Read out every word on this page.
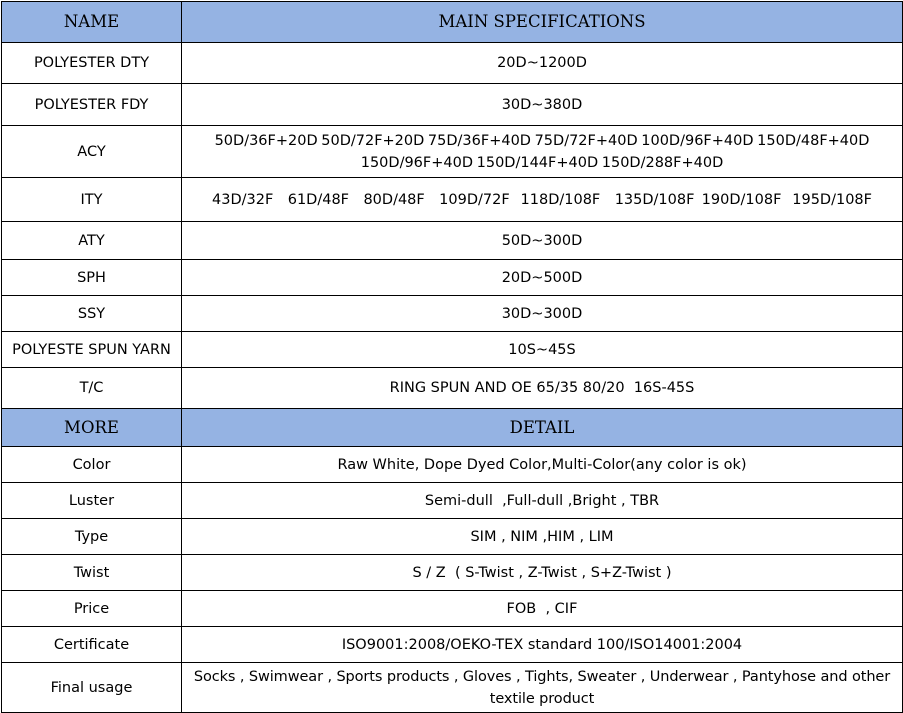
NAME	MAIN SPECIFICATIONS
POLYESTER DTY	20D~1200D
POLYESTER FDY	30D~380D
ACY	50D/36F+20D 50D/72F+20D 75D/36F+40D 75D/72F+40D 100D/96F+40D 150D/48F+40D
150D/96F+40D 150D/144F+40D 150D/288F+40D
ITY	43D/32F    61D/48F    80D/48F    109D/72F   118D/108F    135D/108F  190D/108F   195D/108F
ATY	50D~300D
SPH	20D~500D
SSY	30D~300D
POLYESTE SPUN YARN	10S~45S
T/C	RING SPUN AND OE 65/35 80/20  16S-45S
MORE	DETAIL
Color	Raw White, Dope Dyed Color,Multi-Color(any color is ok)
Luster	Semi-dull  ,Full-dull ,Bright , TBR
Type	SIM , NIM ,HIM , LIM
Twist	S / Z  ( S-Twist , Z-Twist , S+Z-Twist )
Price	FOB  , CIF
Certificate	ISO9001:2008/OEKO-TEX standard 100/ISO14001:2004
Final usage	Socks , Swimwear , Sports products , Gloves , Tights, Sweater , Underwear , Pantyhose and other
textile product
